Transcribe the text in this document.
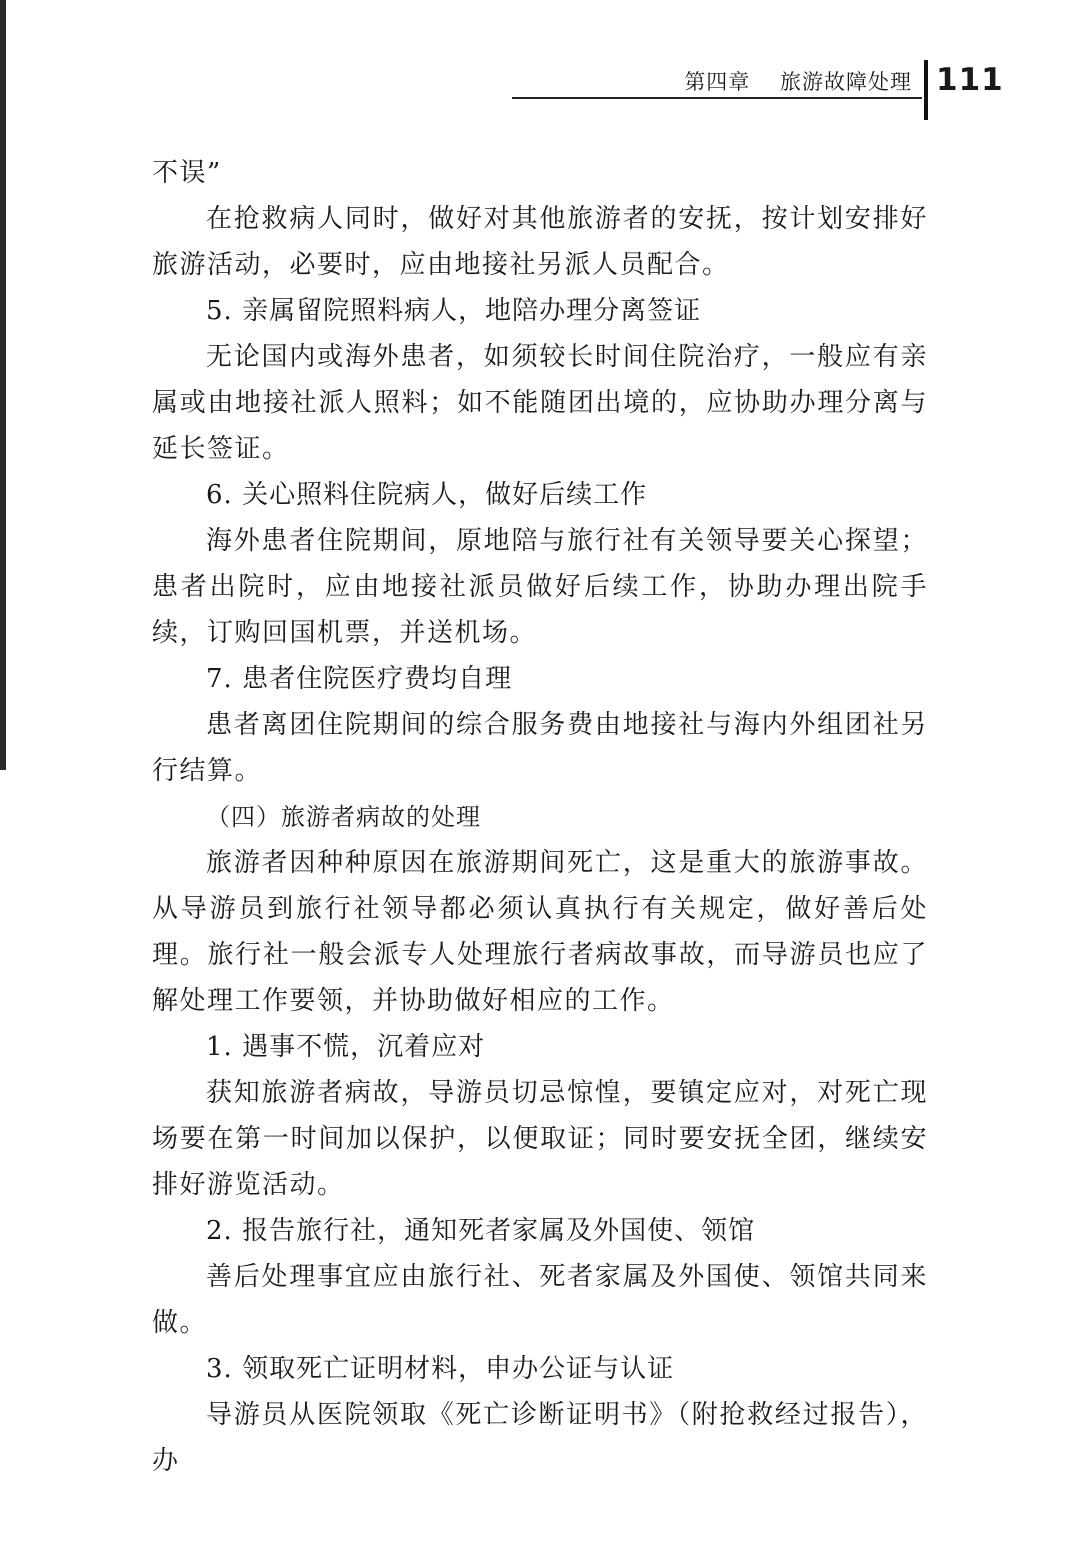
第四章 旅游故障处理 111

不误”

在抢救病人同时，做好对其他旅游者的安抚，按计划安排好旅游活动，必要时，应由地接社另派人员配合。

5. 亲属留院照料病人，地陪办理分离签证

无论国内或海外患者，如须较长时间住院治疗，一般应有亲属或由地接社派人照料；如不能随团出境的，应协助办理分离与延长签证。

6. 关心照料住院病人，做好后续工作

海外患者住院期间，原地陪与旅行社有关领导要关心探望；患者出院时，应由地接社派员做好后续工作，协助办理出院手续，订购回国机票，并送机场。

7. 患者住院医疗费均自理

患者离团住院期间的综合服务费由地接社与海内外组团社另行结算。

（四）旅游者病故的处理

旅游者因种种原因在旅游期间死亡，这是重大的旅游事故。从导游员到旅行社领导都必须认真执行有关规定，做好善后处理。旅行社一般会派专人处理旅行者病故事故，而导游员也应了解处理工作要领，并协助做好相应的工作。

1. 遇事不慌，沉着应对

获知旅游者病故，导游员切忌惊惶，要镇定应对，对死亡现场要在第一时间加以保护，以便取证；同时要安抚全团，继续安排好游览活动。

2. 报告旅行社，通知死者家属及外国使、领馆

善后处理事宜应由旅行社、死者家属及外国使、领馆共同来做。

3. 领取死亡证明材料，申办公证与认证

导游员从医院领取《死亡诊断证明书》（附抢救经过报告），办
